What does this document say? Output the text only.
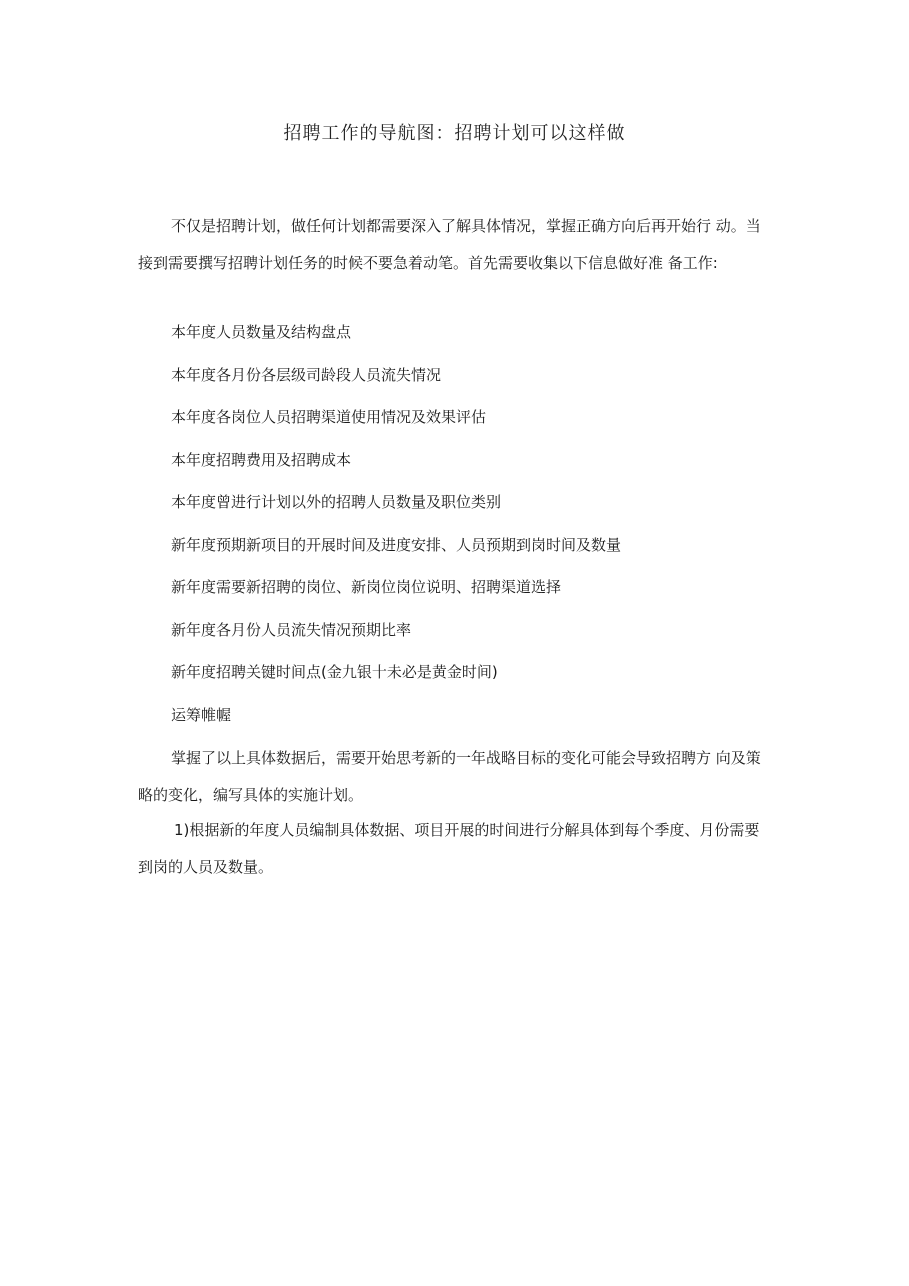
招聘工作的导航图：招聘计划可以这样做

不仅是招聘计划，做任何计划都需要深入了解具体情况，掌握正确方向后再开始行 动。当接到需要撰写招聘计划任务的时候不要急着动笔。首先需要收集以下信息做好准 备工作:

本年度人员数量及结构盘点
本年度各月份各层级司龄段人员流失情况
本年度各岗位人员招聘渠道使用情况及效果评估
本年度招聘费用及招聘成本
本年度曾进行计划以外的招聘人员数量及职位类别
新年度预期新项目的开展时间及进度安排、人员预期到岗时间及数量
新年度需要新招聘的岗位、新岗位岗位说明、招聘渠道选择
新年度各月份人员流失情况预期比率
新年度招聘关键时间点(金九银十未必是黄金时间)
运筹帷幄

掌握了以上具体数据后，需要开始思考新的一年战略目标的变化可能会导致招聘方 向及策略的变化，编写具体的实施计划。

1)根据新的年度人员编制具体数据、项目开展的时间进行分解具体到每个季度、月份需要到岗的人员及数量。
